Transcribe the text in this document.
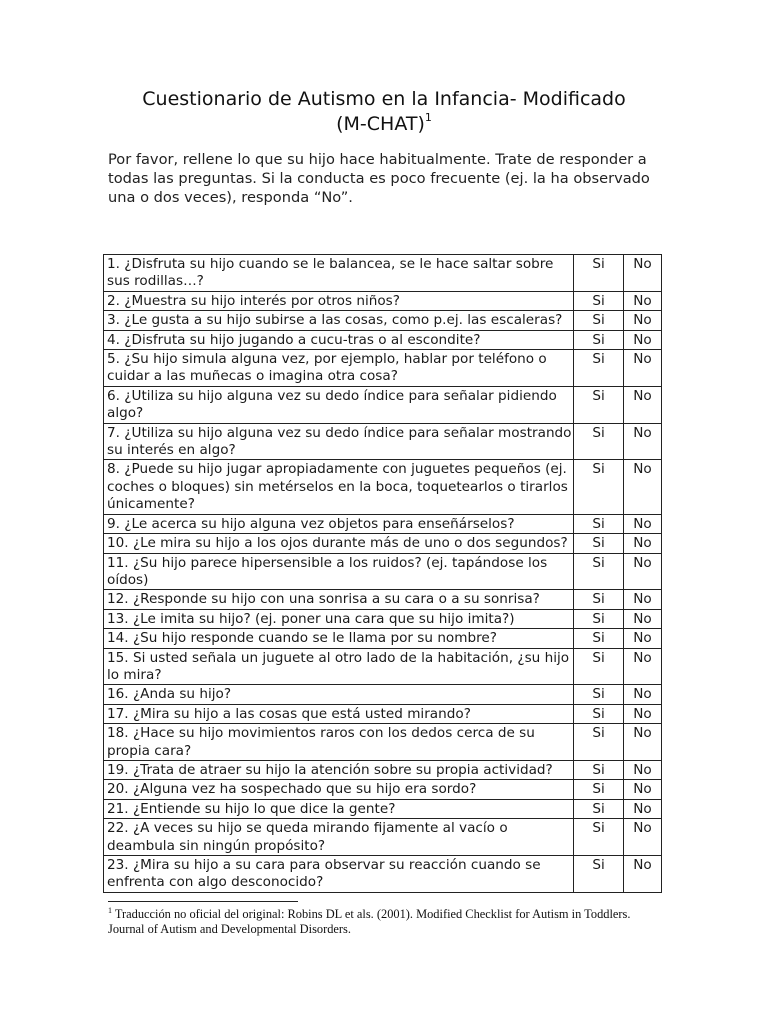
Cuestionario de Autismo en la Infancia- Modificado
(M-CHAT)$^1$
Por favor, rellene lo que su hijo hace habitualmente. Trate de responder a todas las preguntas. Si la conducta es poco frecuente (ej. la ha observado una o dos veces), responda “No”.
1. ¿Disfruta su hijo cuando se le balancea, se le hace saltar sobre sus rodillas…?	Si	No
2. ¿Muestra su hijo interés por otros niños?	Si	No
3. ¿Le gusta a su hijo subirse a las cosas, como p.ej. las escaleras?	Si	No
4. ¿Disfruta su hijo jugando a cucu-tras o al escondite?	Si	No
5. ¿Su hijo simula alguna vez, por ejemplo, hablar por teléfono o cuidar a las muñecas o imagina otra cosa?	Si	No
6. ¿Utiliza su hijo alguna vez su dedo índice para señalar pidiendo algo?	Si	No
7. ¿Utiliza su hijo alguna vez su dedo índice para señalar mostrando su interés en algo?	Si	No
8. ¿Puede su hijo jugar apropiadamente con juguetes pequeños (ej. coches o bloques) sin metérselos en la boca, toquetearlos o tirarlos únicamente?	Si	No
9. ¿Le acerca su hijo alguna vez objetos para enseñárselos?	Si	No
10. ¿Le mira su hijo a los ojos durante más de uno o dos segundos?	Si	No
11. ¿Su hijo parece hipersensible a los ruidos? (ej. tapándose los oídos)	Si	No
12. ¿Responde su hijo con una sonrisa a su cara o a su sonrisa?	Si	No
13. ¿Le imita su hijo? (ej. poner una cara que su hijo imita?)	Si	No
14. ¿Su hijo responde cuando se le llama por su nombre?	Si	No
15. Si usted señala un juguete al otro lado de la habitación, ¿su hijo lo mira?	Si	No
16. ¿Anda su hijo?	Si	No
17. ¿Mira su hijo a las cosas que está usted mirando?	Si	No
18. ¿Hace su hijo movimientos raros con los dedos cerca de su propia cara?	Si	No
19. ¿Trata de atraer su hijo la atención sobre su propia actividad?	Si	No
20. ¿Alguna vez ha sospechado que su hijo era sordo?	Si	No
21. ¿Entiende su hijo lo que dice la gente?	Si	No
22. ¿A veces su hijo se queda mirando fijamente al vacío o deambula sin ningún propósito?	Si	No
23. ¿Mira su hijo a su cara para observar su reacción cuando se enfrenta con algo desconocido?	Si	No
$^1$ Traducción no oficial del original: Robins DL et als. (2001). Modified Checklist for Autism in Toddlers. Journal of Autism and Developmental Disorders.
